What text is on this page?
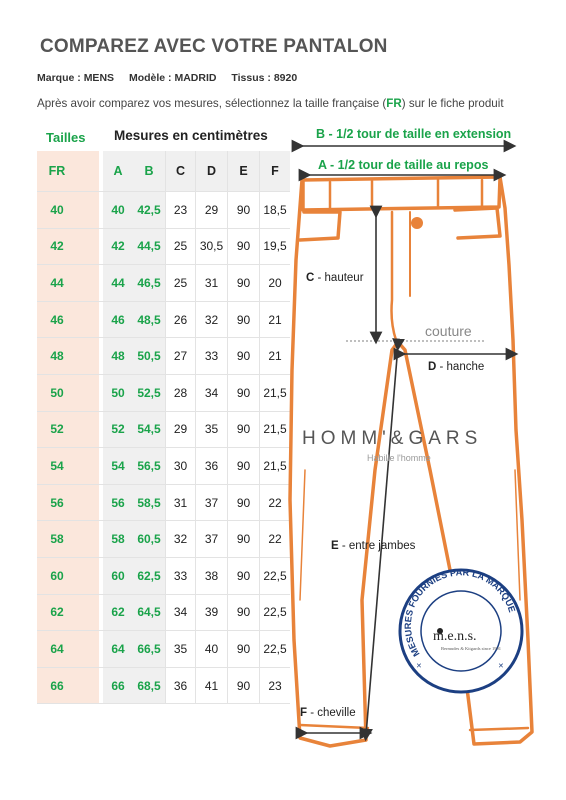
COMPAREZ AVEC VOTRE PANTALON
Marque : MENS Modèle : MADRID Tissus : 8920
Après avoir comparez vos mesures, sélectionnez la taille française (FR) sur le fiche produit
Tailles Mesures en centimètres
FR			A	B	C	D	E	F
40			40	42,5	23	29	90	18,5
42			42	44,5	25	30,5	90	19,5
44			44	46,5	25	31	90	20
46			46	48,5	26	32	90	21
48			48	50,5	27	33	90	21
50			50	52,5	28	34	90	21,5
52			52	54,5	29	35	90	21,5
54			54	56,5	30	36	90	21,5
56			56	58,5	31	37	90	22
58			58	60,5	32	37	90	22
60			60	62,5	33	38	90	22,5
62			62	64,5	34	39	90	22,5
64			64	66,5	35	40	90	22,5
66			66	68,5	36	41	90	23
B - 1/2 tour de taille en extension
A - 1/2 tour de taille au repos
C - hauteur
couture
D - hanche
E - entre jambes
F - cheville
HOMM'&GARS
Habille l'homme
✕	✕
MESURES FOURNIES PAR LA MARQUE
m.e.n.s.
Bermudes & Kitgards since 1991
